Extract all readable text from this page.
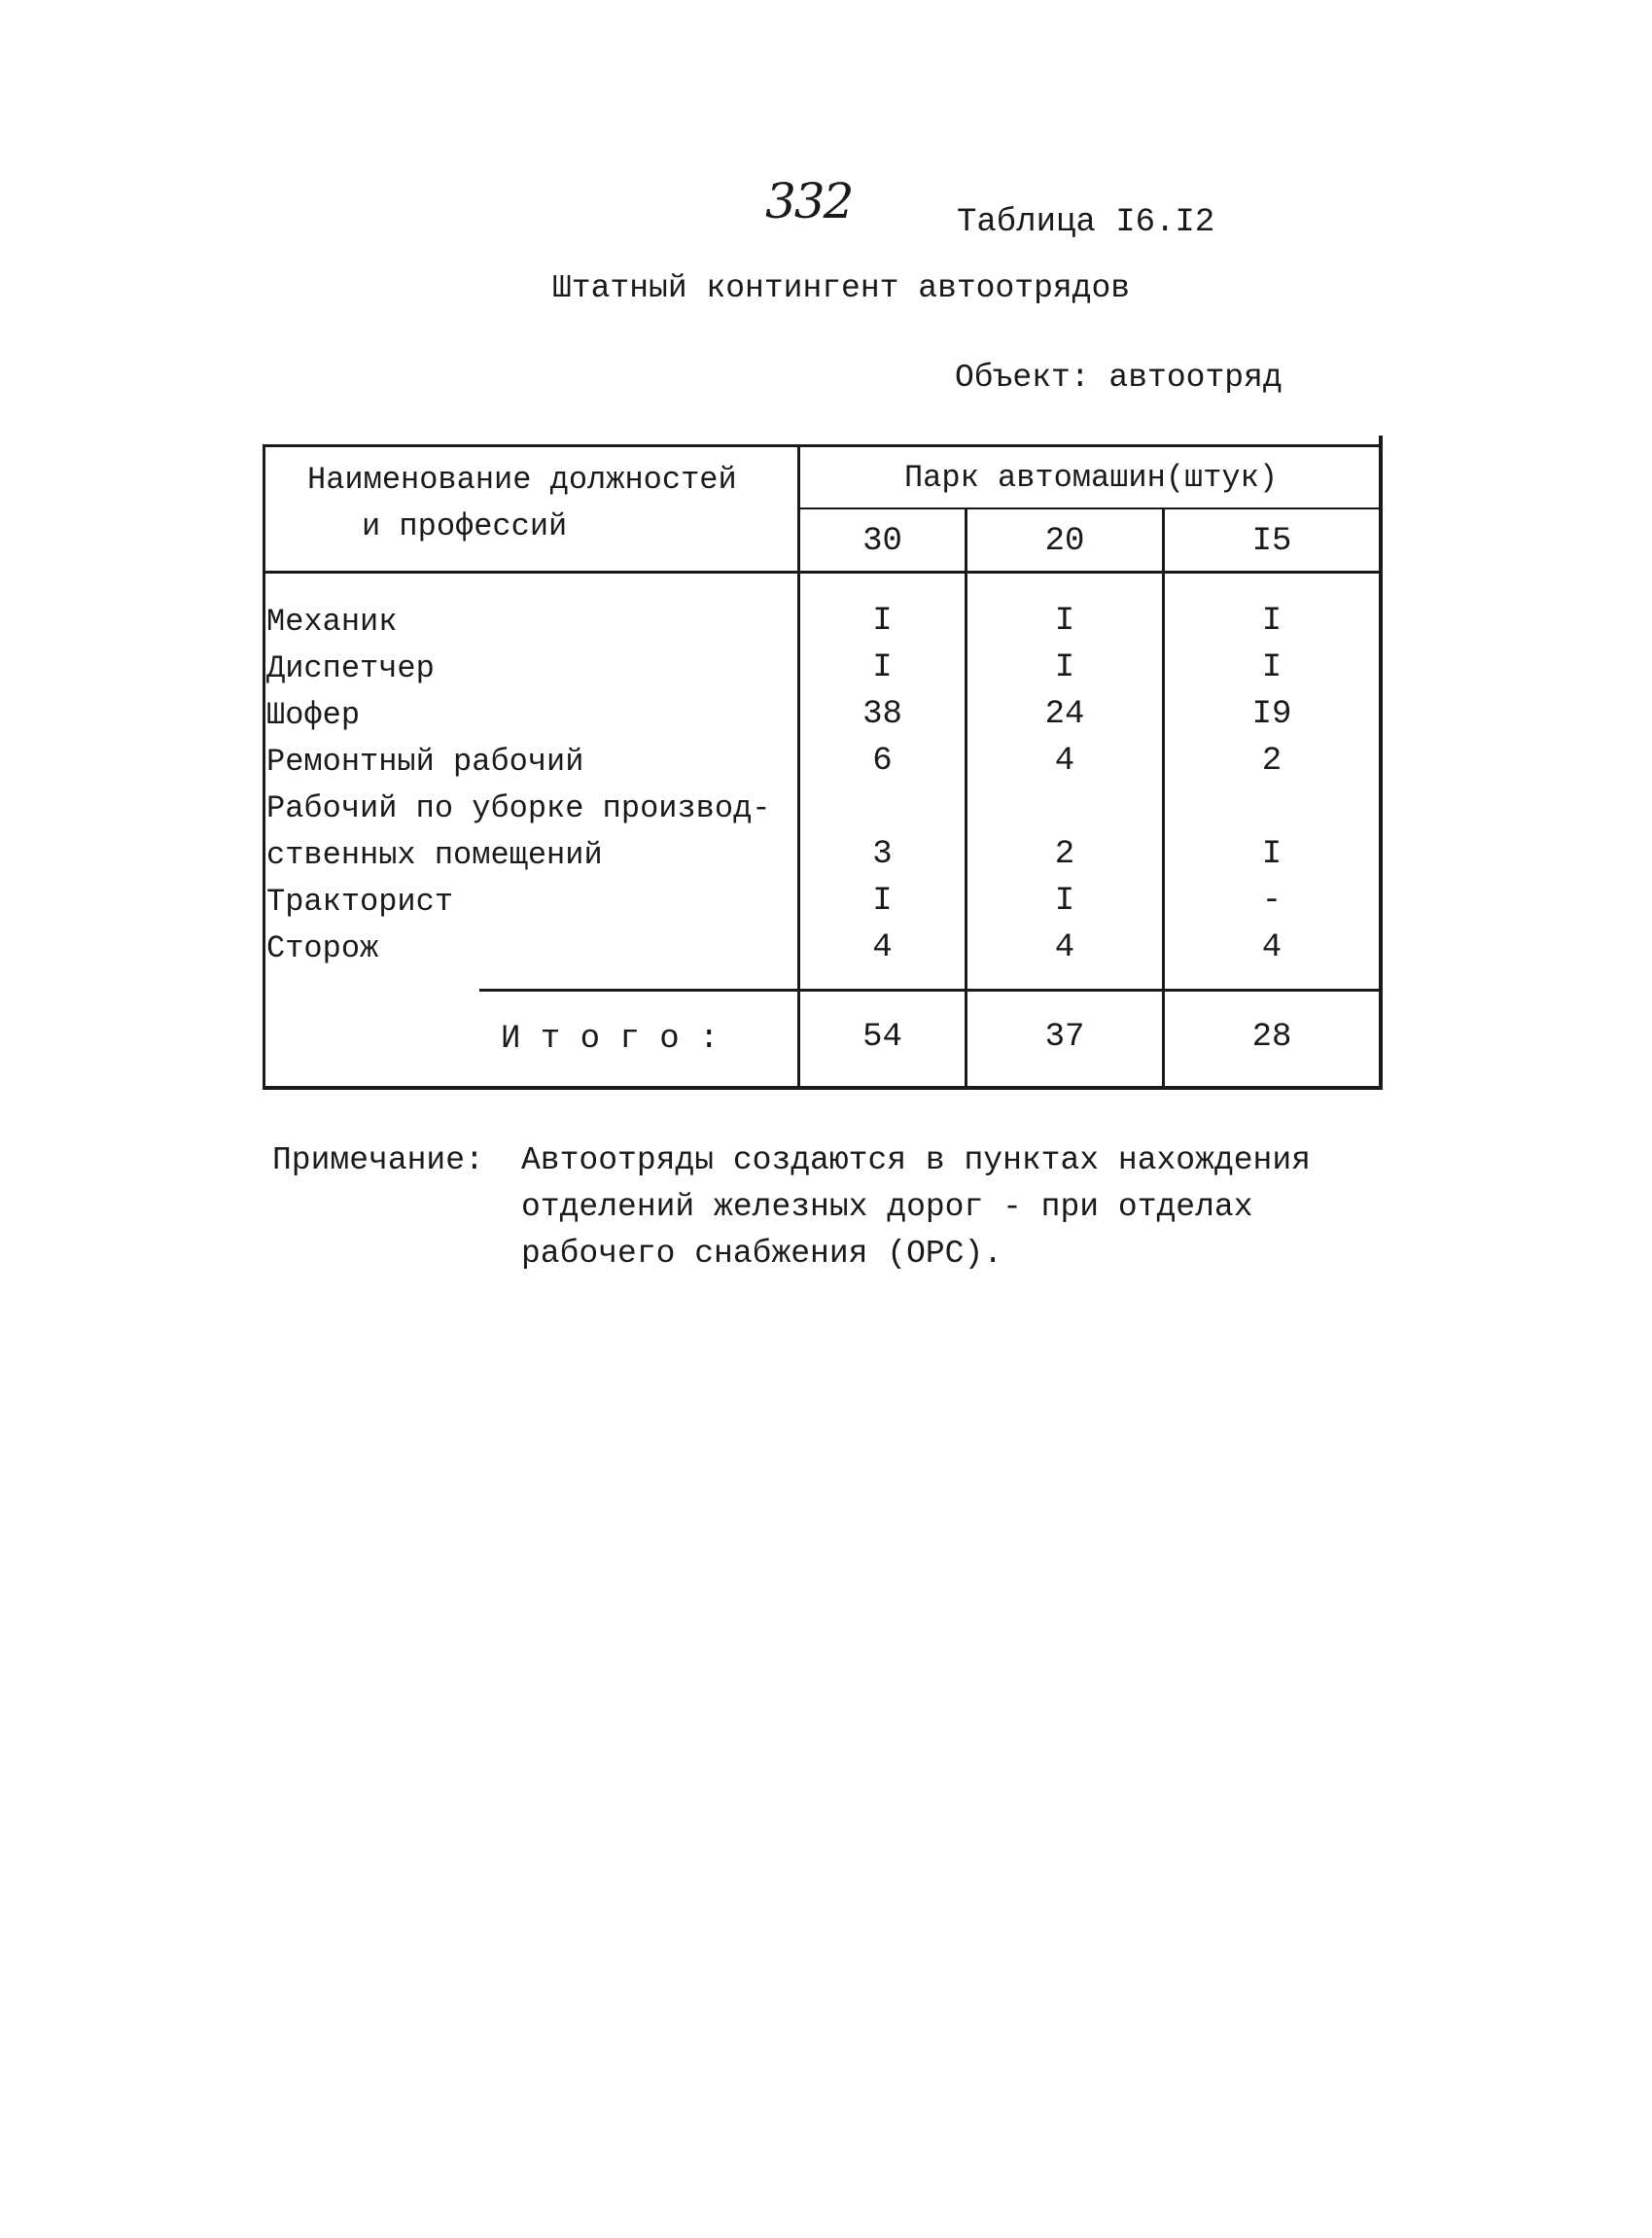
332	Таблица I6.I2
Штатный контингент автоотрядов
Объект: автоотряд
Наименование должностей
и профессий
Парк автомашин(штук)
30	20	I5
Механик	I	I	I
Диспетчер	I	I	I
Шофер	38	24	I9
Ремонтный рабочий	6	4	2
Рабочий по уборке производ-
ственных помещений	3	2	I
Тракторист	I	I	-
Сторож	4	4	4
И т о г о :	54	37	28
Примечание: Автоотряды создаются в пунктах нахождения
отделений железных дорог - при отделах
рабочего снабжения (ОРС).
